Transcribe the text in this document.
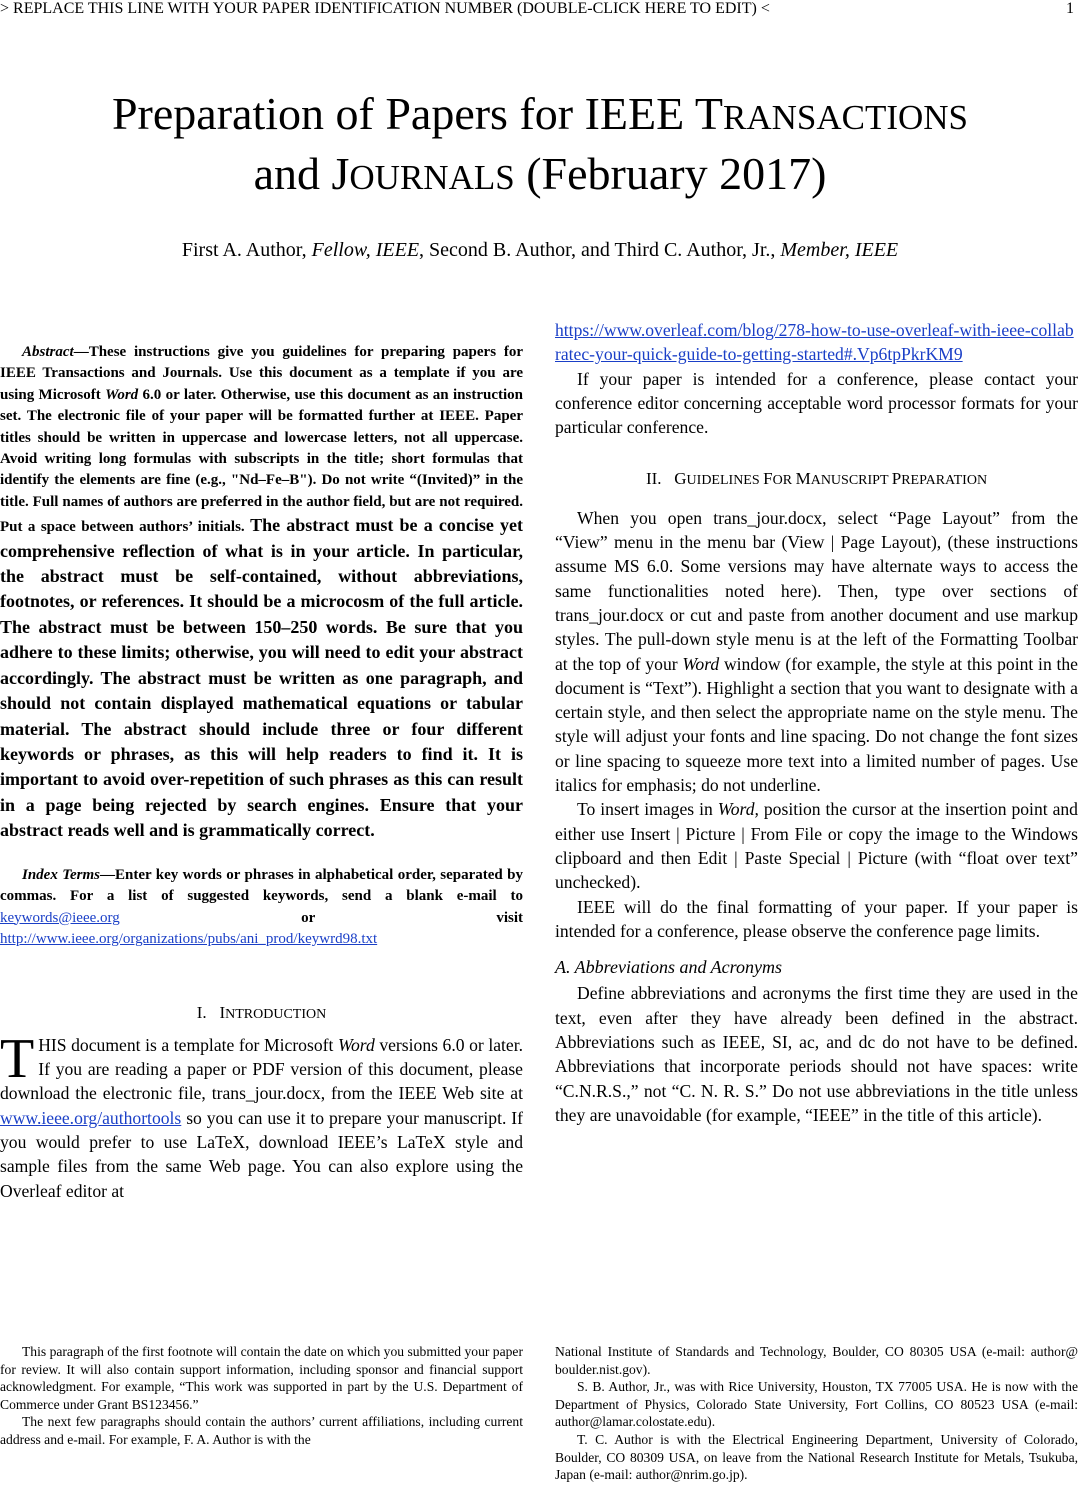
> REPLACE THIS LINE WITH YOUR PAPER IDENTIFICATION NUMBER (DOUBLE-CLICK HERE TO EDIT) <	1
Preparation of Papers for IEEE TRANSACTIONS
and JOURNALS (February 2017)
First A. Author, Fellow, IEEE, Second B. Author, and Third C. Author, Jr., Member, IEEE

Abstract—These instructions give you guidelines for preparing papers for IEEE Transactions and Journals. Use this document as a template if you are using Microsoft Word 6.0 or later. Otherwise, use this document as an instruction set. The electronic file of your paper will be formatted further at IEEE. Paper titles should be written in uppercase and lowercase letters, not all uppercase. Avoid writing long formulas with subscripts in the title; short formulas that identify the elements are fine (e.g., "Nd–Fe–B"). Do not write “(Invited)” in the title. Full names of authors are preferred in the author field, but are not required. Put a space between authors’ initials. The abstract must be a concise yet comprehensive reflection of what is in your article. In particular, the abstract must be self-contained, without abbreviations, footnotes, or references. It should be a microcosm of the full article. The abstract must be between 150–250 words. Be sure that you adhere to these limits; otherwise, you will need to edit your abstract accordingly. The abstract must be written as one paragraph, and should not contain displayed mathematical equations or tabular material. The abstract should include three or four different keywords or phrases, as this will help readers to find it. It is important to avoid over-repetition of such phrases as this can result in a page being rejected by search engines. Ensure that your abstract reads well and is grammatically correct.

Index Terms—Enter key words or phrases in alphabetical order, separated by commas. For a list of suggested keywords, send a blank e-mail to keywords@ieee.org or visit http://www.ieee.org/organizations/pubs/ani_prod/keywrd98.txt

I. INTRODUCTION

THIS document is a template for Microsoft Word versions 6.0 or later. If you are reading a paper or PDF version of this document, please download the electronic file, trans_jour.docx, from the IEEE Web site at www.ieee.org/authortools so you can use it to prepare your manuscript. If you would prefer to use LaTeX, download IEEE’s LaTeX style and sample files from the same Web page. You can also explore using the Overleaf editor at

https://www.overleaf.com/blog/278-how-to-use-overleaf-with-ieee-collabratec-your-quick-guide-to-getting-started#.Vp6tpPkrKM9

If your paper is intended for a conference, please contact your conference editor concerning acceptable word processor formats for your particular conference.

II. GUIDELINES FOR MANUSCRIPT PREPARATION

When you open trans_jour.docx, select “Page Layout” from the “View” menu in the menu bar (View | Page Layout), (these instructions assume MS 6.0. Some versions may have alternate ways to access the same functionalities noted here). Then, type over sections of trans_jour.docx or cut and paste from another document and use markup styles. The pull-down style menu is at the left of the Formatting Toolbar at the top of your Word window (for example, the style at this point in the document is “Text”). Highlight a section that you want to designate with a certain style, and then select the appropriate name on the style menu. The style will adjust your fonts and line spacing. Do not change the font sizes or line spacing to squeeze more text into a limited number of pages. Use italics for emphasis; do not underline.

To insert images in Word, position the cursor at the insertion point and either use Insert | Picture | From File or copy the image to the Windows clipboard and then Edit | Paste Special | Picture (with “float over text” unchecked).

IEEE will do the final formatting of your paper. If your paper is intended for a conference, please observe the conference page limits.

A. Abbreviations and Acronyms

Define abbreviations and acronyms the first time they are used in the text, even after they have already been defined in the abstract. Abbreviations such as IEEE, SI, ac, and dc do not have to be defined. Abbreviations that incorporate periods should not have spaces: write “C.N.R.S.,” not “C. N. R. S.” Do not use abbreviations in the title unless they are unavoidable (for example, “IEEE” in the title of this article).

This paragraph of the first footnote will contain the date on which you submitted your paper for review. It will also contain support information, including sponsor and financial support acknowledgment. For example, “This work was supported in part by the U.S. Department of Commerce under Grant BS123456.”

The next few paragraphs should contain the authors’ current affiliations, including current address and e-mail. For example, F. A. Author is with the

National Institute of Standards and Technology, Boulder, CO 80305 USA (e-mail: author@ boulder.nist.gov).

S. B. Author, Jr., was with Rice University, Houston, TX 77005 USA. He is now with the Department of Physics, Colorado State University, Fort Collins, CO 80523 USA (e-mail: author@lamar.colostate.edu).

T. C. Author is with the Electrical Engineering Department, University of Colorado, Boulder, CO 80309 USA, on leave from the National Research Institute for Metals, Tsukuba, Japan (e-mail: author@nrim.go.jp).
